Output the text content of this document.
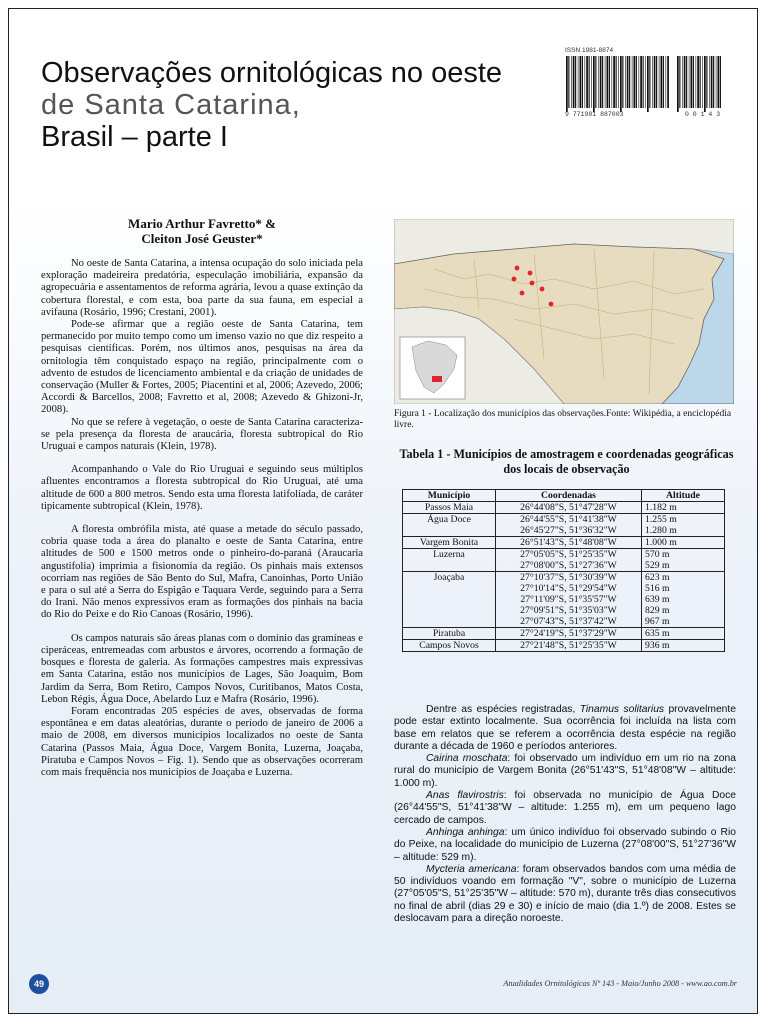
Observações ornitológicas no oeste
de Santa Catarina,
Brasil – parte I
ISSN 1981-8874
9 771981 887003	0 0 1 4 3
Mario Arthur Favretto* &
Cleiton José Geuster*

No oeste de Santa Catarina, a intensa ocupação do solo iniciada pela exploração madeireira predatória, especulação imobiliária, expansão da agropecuária e assentamentos de reforma agrária, levou a quase extinção da cobertura florestal, e com esta, boa parte da sua fauna, em especial a avifauna (Rosário, 1996; Crestani, 2001).

Pode-se afirmar que a região oeste de Santa Catarina, tem permanecido por muito tempo como um imenso vazio no que diz respeito a pesquisas científicas. Porém, nos últimos anos, pesquisas na área da ornitologia têm conquistado espaço na região, principalmente com o advento de estudos de licenciamento ambiental e da criação de unidades de conservação (Muller & Fortes, 2005; Piacentini et al, 2006; Azevedo, 2006; Accordi & Barcellos, 2008; Favretto et al, 2008; Azevedo & Ghizoni-Jr, 2008).

No que se refere à vegetação, o oeste de Santa Catarina caracteriza-se pela presença da floresta de araucária, floresta subtropical do Rio Uruguai e campos naturais (Klein, 1978).

Acompanhando o Vale do Rio Uruguai e seguindo seus múltiplos afluentes encontramos a floresta subtropical do Rio Uruguai, até uma altitude de 600 a 800 metros. Sendo esta uma floresta latifoliada, de caráter tipicamente subtropical (Klein, 1978).

A floresta ombrófila mista, até quase a metade do século passado, cobria quase toda a área do planalto e oeste de Santa Catarina, entre altitudes de 500 e 1500 metros onde o pinheiro-do-paraná (Araucaria angustifolia) imprimia a fisionomia da região. Os pinhais mais extensos ocorriam nas regiões de São Bento do Sul, Mafra, Canoinhas, Porto União e para o sul até a Serra do Espigão e Taquara Verde, seguindo para a Serra do Irani. Não menos expressivos eram as formações dos pinhais na bacia do Rio do Peixe e do Rio Canoas (Rosário, 1996).

Os campos naturais são áreas planas com o domínio das gramíneas e ciperáceas, entremeadas com arbustos e árvores, ocorrendo a formação de bosques e floresta de galeria. As formações campestres mais expressivas em Santa Catarina, estão nos municípios de Lages, São Joaquim, Bom Jardim da Serra, Bom Retiro, Campos Novos, Curitibanos, Matos Costa, Lebon Régis, Água Doce, Abelardo Luz e Mafra (Rosário, 1996).

Foram encontradas 205 espécies de aves, observadas de forma espontânea e em datas aleatórias, durante o período de janeiro de 2006 a maio de 2008, em diversos municípios localizados no oeste de Santa Catarina (Passos Maia, Água Doce, Vargem Bonita, Luzerna, Joaçaba, Piratuba e Campos Novos – Fig. 1). Sendo que as observações ocorreram com mais frequência nos municípios de Joaçaba e Luzerna.

Figura 1 - Localização dos municípios das observações.Fonte: Wikipédia, a enciclopédia livre.
Tabela 1 - Municípios de amostragem e coordenadas geográficas dos locais de observação
Município	Coordenadas	Altitude
Passos Maia	26°44'08"S, 51°47'28"W	1.182 m
Água Doce	26°44'55"S, 51°41'38"W	1.255 m
	26°45'27"S, 51°36'32"W	1.280 m
Vargem Bonita	26°51'43"S, 51°48'08"W	1.000 m
Luzerna	27°05'05"S, 51°25'35"W	570 m
	27°08'00"S, 51°27'36"W	529 m
Joaçaba	27°10'37"S, 51°30'39"W	623 m
	27°10'14"S, 51°29'54"W	516 m
	27°11'09"S, 51°35'57"W	639 m
	27°09'51"S, 51°35'03"W	829 m
	27°07'43"S, 51°37'42"W	967 m
Piratuba	27°24'19"S, 51°37'29"W	635 m
Campos Novos	27°21'48"S, 51°25'35"W	936 m

Dentre as espécies registradas, Tinamus solitarius provavelmente pode estar extinto localmente. Sua ocorrência foi incluída na lista com base em relatos que se referem a ocorrência desta espécie na região durante a década de 1960 e períodos anteriores.

Cairina moschata: foi observado um indivíduo em um rio na zona rural do município de Vargem Bonita (26°51'43"S, 51°48'08"W – altitude: 1.000 m).

Anas flavirostris: foi observada no município de Água Doce (26°44'55"S, 51°41'38"W – altitude: 1.255 m), em um pequeno lago cercado de campos.

Anhinga anhinga: um único indivíduo foi observado subindo o Rio do Peixe, na localidade do município de Luzerna (27°08'00"S, 51°27'36"W – altitude: 529 m).

Mycteria americana: foram observados bandos com uma média de 50 indivíduos voando em formação "V", sobre o município de Luzerna (27°05'05"S, 51°25'35"W – altitude: 570 m), durante três dias consecutivos no final de abril (dias 29 e 30) e início de maio (dia 1.º) de 2008. Estes se deslocavam para a direção noroeste.

49	Atualidades Ornitológicas Nº 143 - Maio/Junho 2008 - www.ao.com.br
